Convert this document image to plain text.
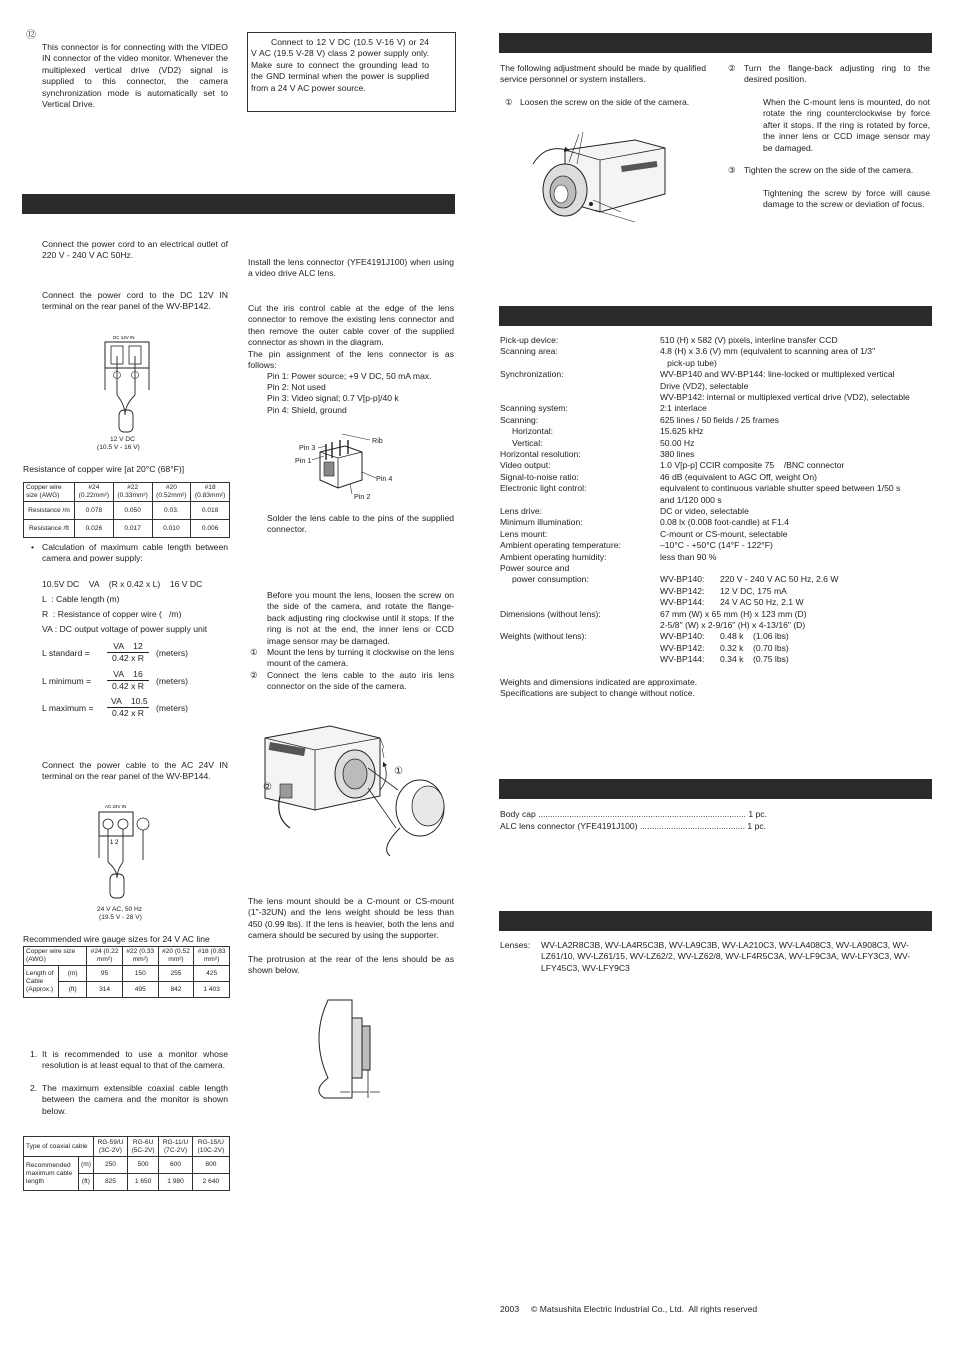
⑫

This connector is for connecting with the VIDEO IN connector of the video monitor. Whenever the multiplexed vertical drive (VD2) signal is supplied to this connector, the camera synchronization mode is automatically set to Vertical Drive.

Connect the power cord to an electrical outlet of 220 V - 240 V AC 50Hz.

Connect the power cord to the DC 12V IN terminal on the rear panel of the WV-BP142.

DC 12V IN
12 V DC
(10.5 V - 16 V)
Resistance of copper wire [at 20°C (68°F)]
Copper wire size (AWG)	#24 (0.22mm²)	#22 (0.33mm²)	#20 (0.52mm²)	#18 (0.83mm²)
Resistance /m	0.078	0.050	0.03.	0.018
Resistance /ft	0.026	0.017	0.010	0.006
• Calculation of maximum cable length between camera and power supply:

10.5V DC    VA    (R x 0.42 x L)    16 V DC
L  : Cable length (m)
R  : Resistance of copper wire (   /m)
VA : DC output voltage of power supply unit
L standard = $\frac{VA 12}{\text{0.42 x R}}$ (meters)
L minimum = $\frac{VA 16}{\text{0.42 x R}}$ (meters)
L maximum = $\frac{VA 10.5}{\text{0.42 x R}}$ (meters)

Connect the power cable to the AC 24V IN terminal on the rear panel of the WV-BP144.

AC 24V IN
1 2
24 V AC, 50 Hz
(19.5 V - 28 V)
Recommended wire gauge sizes for 24 V AC line
Copper wire size (AWG)		#24 (0.22 mm²)	#22 (0.33 mm²)	#20 (0.52 mm²)	#18 (0.83 mm²)
Length of Cable (Approx.)	(m)	95	150	255	425
	(ft)	314	495	842	1 403
1. It is recommended to use a monitor whose resolution is at least equal to that of the camera.

2. The maximum extensible coaxial cable length between the camera and the monitor is shown below.

Type of coaxial cable		RG-59/U (3C-2V)	RG-6U (5C-2V)	RG-11/U (7C-2V)	RG-15/U (10C-2V)
Recommended maximum cable length	(m)	250	500	600	800
	(ft)	825	1 650	1 980	2 640

Connect to 12 V DC (10.5 V-16 V) or 24 V AC (19.5 V-28 V) class 2 power supply only. Make sure to connect the grounding lead to the GND terminal when the power is supplied from a 24 V AC power source.

Install the lens connector (YFE4191J100) when using a video drive ALC lens.

Cut the iris control cable at the edge of the lens connector to remove the existing lens connector and then remove the outer cable cover of the supplied connector as shown in the diagram.

The pin assignment of the lens connector is as follows:

Pin 1: Power source; +9 V DC, 50 mA max.
Pin 2: Not used
Pin 3: Video signal; 0.7 V[p-p]/40 k
Pin 4: Shield, ground
Pin 3
Pin 1
Rib
Pin 4
Pin 2

Solder the lens cable to the pins of the supplied connector.

Before you mount the lens, loosen the screw on the side of the camera, and rotate the flange-back adjusting ring clockwise until it stops. If the ring is not at the end, the inner lens or CCD image sensor may be damaged.

① Mount the lens by turning it clockwise on the lens mount of the camera.

② Connect the lens cable to the auto iris lens connector on the side of the camera.

①
②

The lens mount should be a C-mount or CS-mount (1"-32UN) and the lens weight should be less than 450 (0.99 lbs). If the lens is heavier, both the lens and camera should be secured by using the supporter.

The protrusion at the rear of the lens should be as shown below.

The following adjustment should be made by qualified service personnel or system installers.

① Loosen the screw on the side of the camera.
② Turn the flange-back adjusting ring to the desired position.

When the C-mount lens is mounted, do not rotate the ring counterclockwise by force after it stops. If the ring is rotated by force, the inner lens or CCD image sensor may be damaged.

③ Tighten the screw on the side of the camera.

Tightening the screw by force will cause damage to the screw or deviation of focus.

Pick-up device:	510 (H) x 582 (V) pixels, interline transfer CCD
Scanning area:	4.8 (H) x 3.6 (V) mm (equivalent to scanning area of 1/3"
pick-up tube)
Synchronization:	WV-BP140 and WV-BP144: line-locked or multiplexed vertical
Drive (VD2), selectable
WV-BP142: internal or multiplexed vertical drive (VD2), selectable
Scanning system:	2:1 interlace
Scanning:	625 lines / 50 fields / 25 frames
Horizontal:	15.625 kHz
Vertical:	50.00 Hz
Horizontal resolution:	380 lines
Video output:	1.0 V[p-p] CCIR composite 75    /BNC connector
Signal-to-noise ratio:	46 dB (equivalent to AGC Off, weight On)
Electronic light control:	equivalent to continuous variable shutter speed between 1/50 s
and 1/120 000 s
Lens drive:	DC or video, selectable
Minimum illumination:	0.08 lx (0.008 foot-candle) at F1.4
Lens mount:	C-mount or CS-mount, selectable
Ambient operating temperature:	–10°C - +50°C (14°F - 122°F)
Ambient operating humidity:	less than 90 %
Power source and
power consumption:	WV-BP140: 220 V - 240 V AC 50 Hz, 2.6 W
WV-BP142: 12 V DC, 175 mA
WV-BP144: 24 V AC 50 Hz, 2.1 W
Dimensions (without lens):	67 mm (W) x 65 mm (H) x 123 mm (D)
2-5/8" (W) x 2-9/16" (H) x 4-13/16" (D)
Weights (without lens):	WV-BP140: 0.48 k    (1.06 lbs)
WV-BP142: 0.32 k    (0.70 lbs)
WV-BP144: 0.34 k    (0.75 lbs)
Weights and dimensions indicated are approximate.
Specifications are subject to change without notice.
Body cap ....................................................................................... 1 pc.
ALC lens connector (YFE4191J100) ............................................ 1 pc.
Lenses: WV-LA2R8C3B, WV-LA4R5C3B, WV-LA9C3B, WV-LA210C3, WV-LA408C3, WV-LA908C3, WV-LZ61/10, WV-LZ61/15, WV-LZ62/2, WV-LZ62/8, WV-LF4R5C3A, WV-LF9C3A, WV-LFY3C3, WV-LFY45C3, WV-LFY9C3

2003     © Matsushita Electric Industrial Co., Ltd.  All rights reserved
